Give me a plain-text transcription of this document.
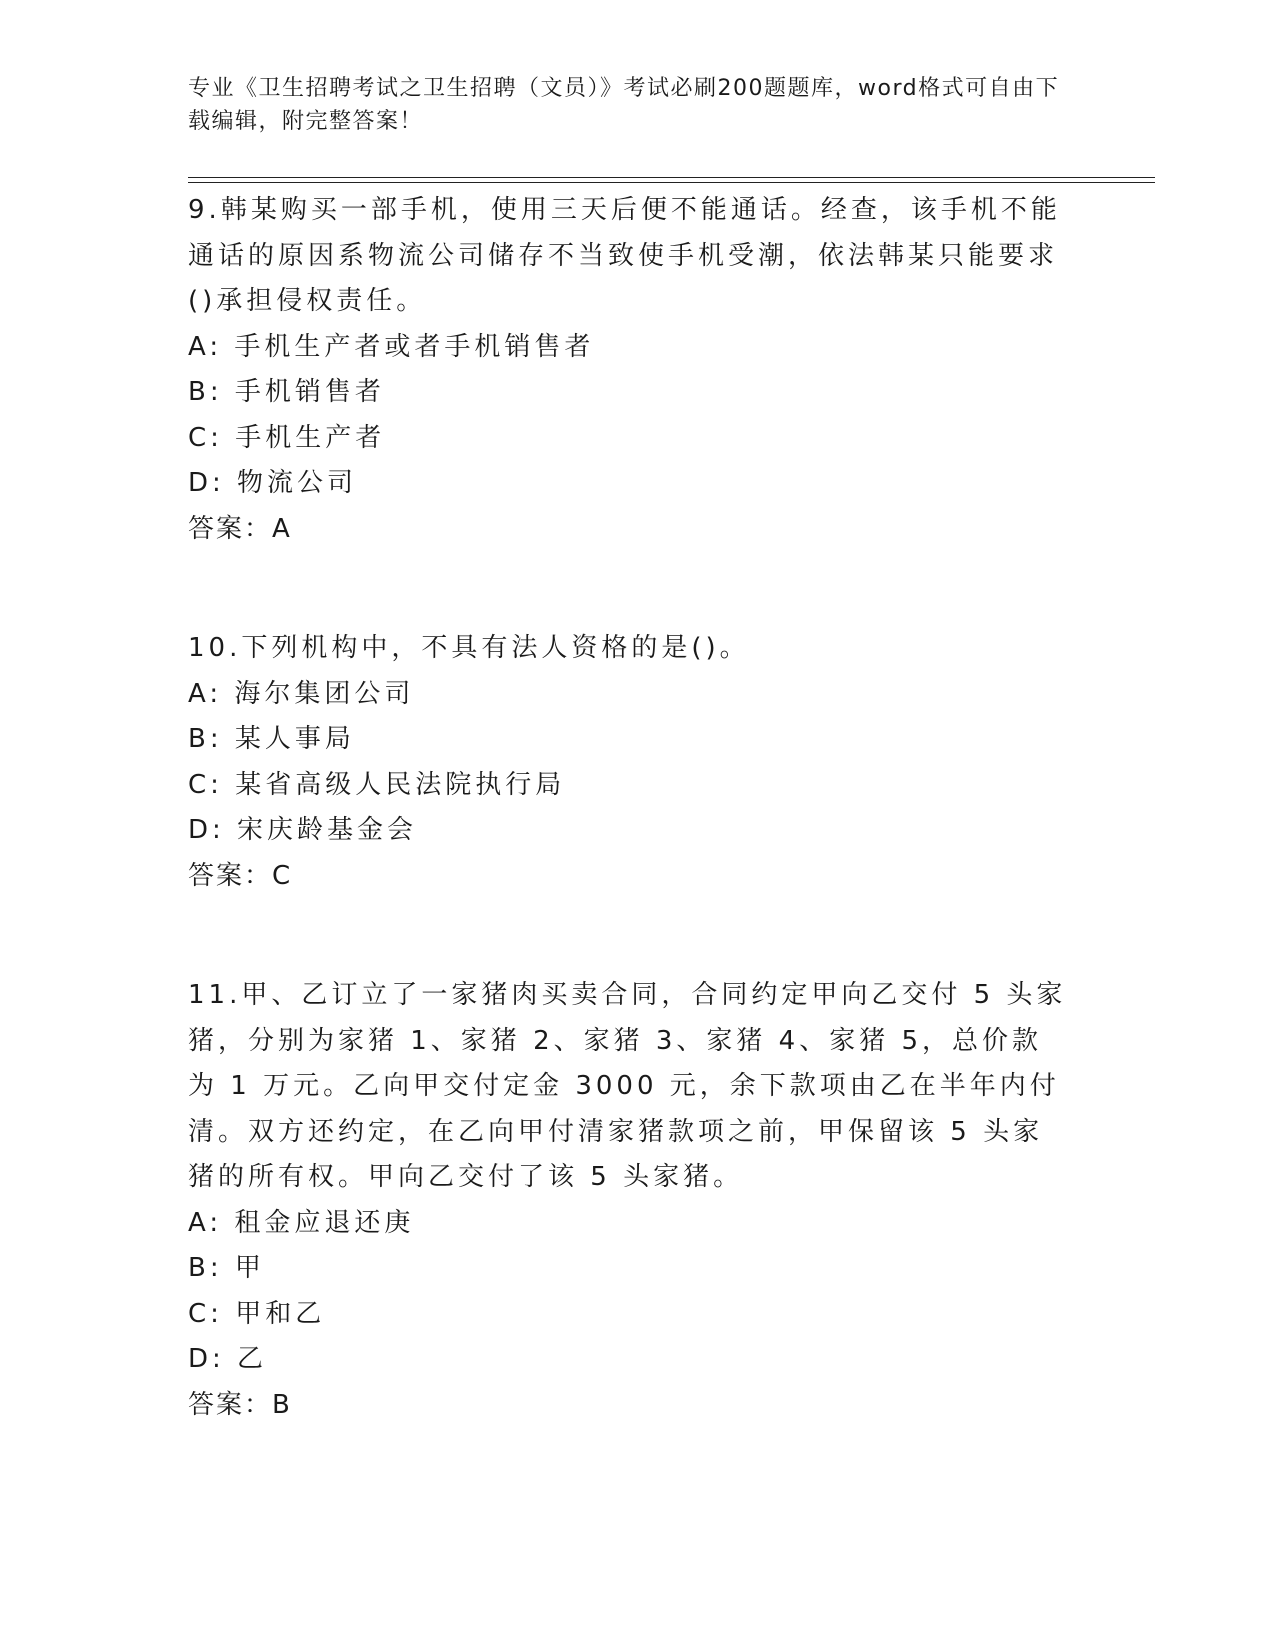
专业《卫生招聘考试之卫生招聘（文员）》考试必刷200题题库，word格式可自由下载编辑，附完整答案！

9.韩某购买一部手机，使用三天后便不能通话。经查，该手机不能通话的原因系物流公司储存不当致使手机受潮，依法韩某只能要求()承担侵权责任。

A: 手机生产者或者手机销售者

B: 手机销售者

C: 手机生产者

D: 物流公司

答案：A

10.下列机构中，不具有法人资格的是()。

A: 海尔集团公司

B: 某人事局

C: 某省高级人民法院执行局

D: 宋庆龄基金会

答案：C

11.甲、乙订立了一家猪肉买卖合同，合同约定甲向乙交付 5 头家猪，分别为家猪 1、家猪 2、家猪 3、家猪 4、家猪 5，总价款为 1 万元。乙向甲交付定金 3000 元，余下款项由乙在半年内付清。双方还约定，在乙向甲付清家猪款项之前，甲保留该 5 头家猪的所有权。甲向乙交付了该 5 头家猪。

A: 租金应退还庚

B: 甲

C: 甲和乙

D: 乙

答案：B
